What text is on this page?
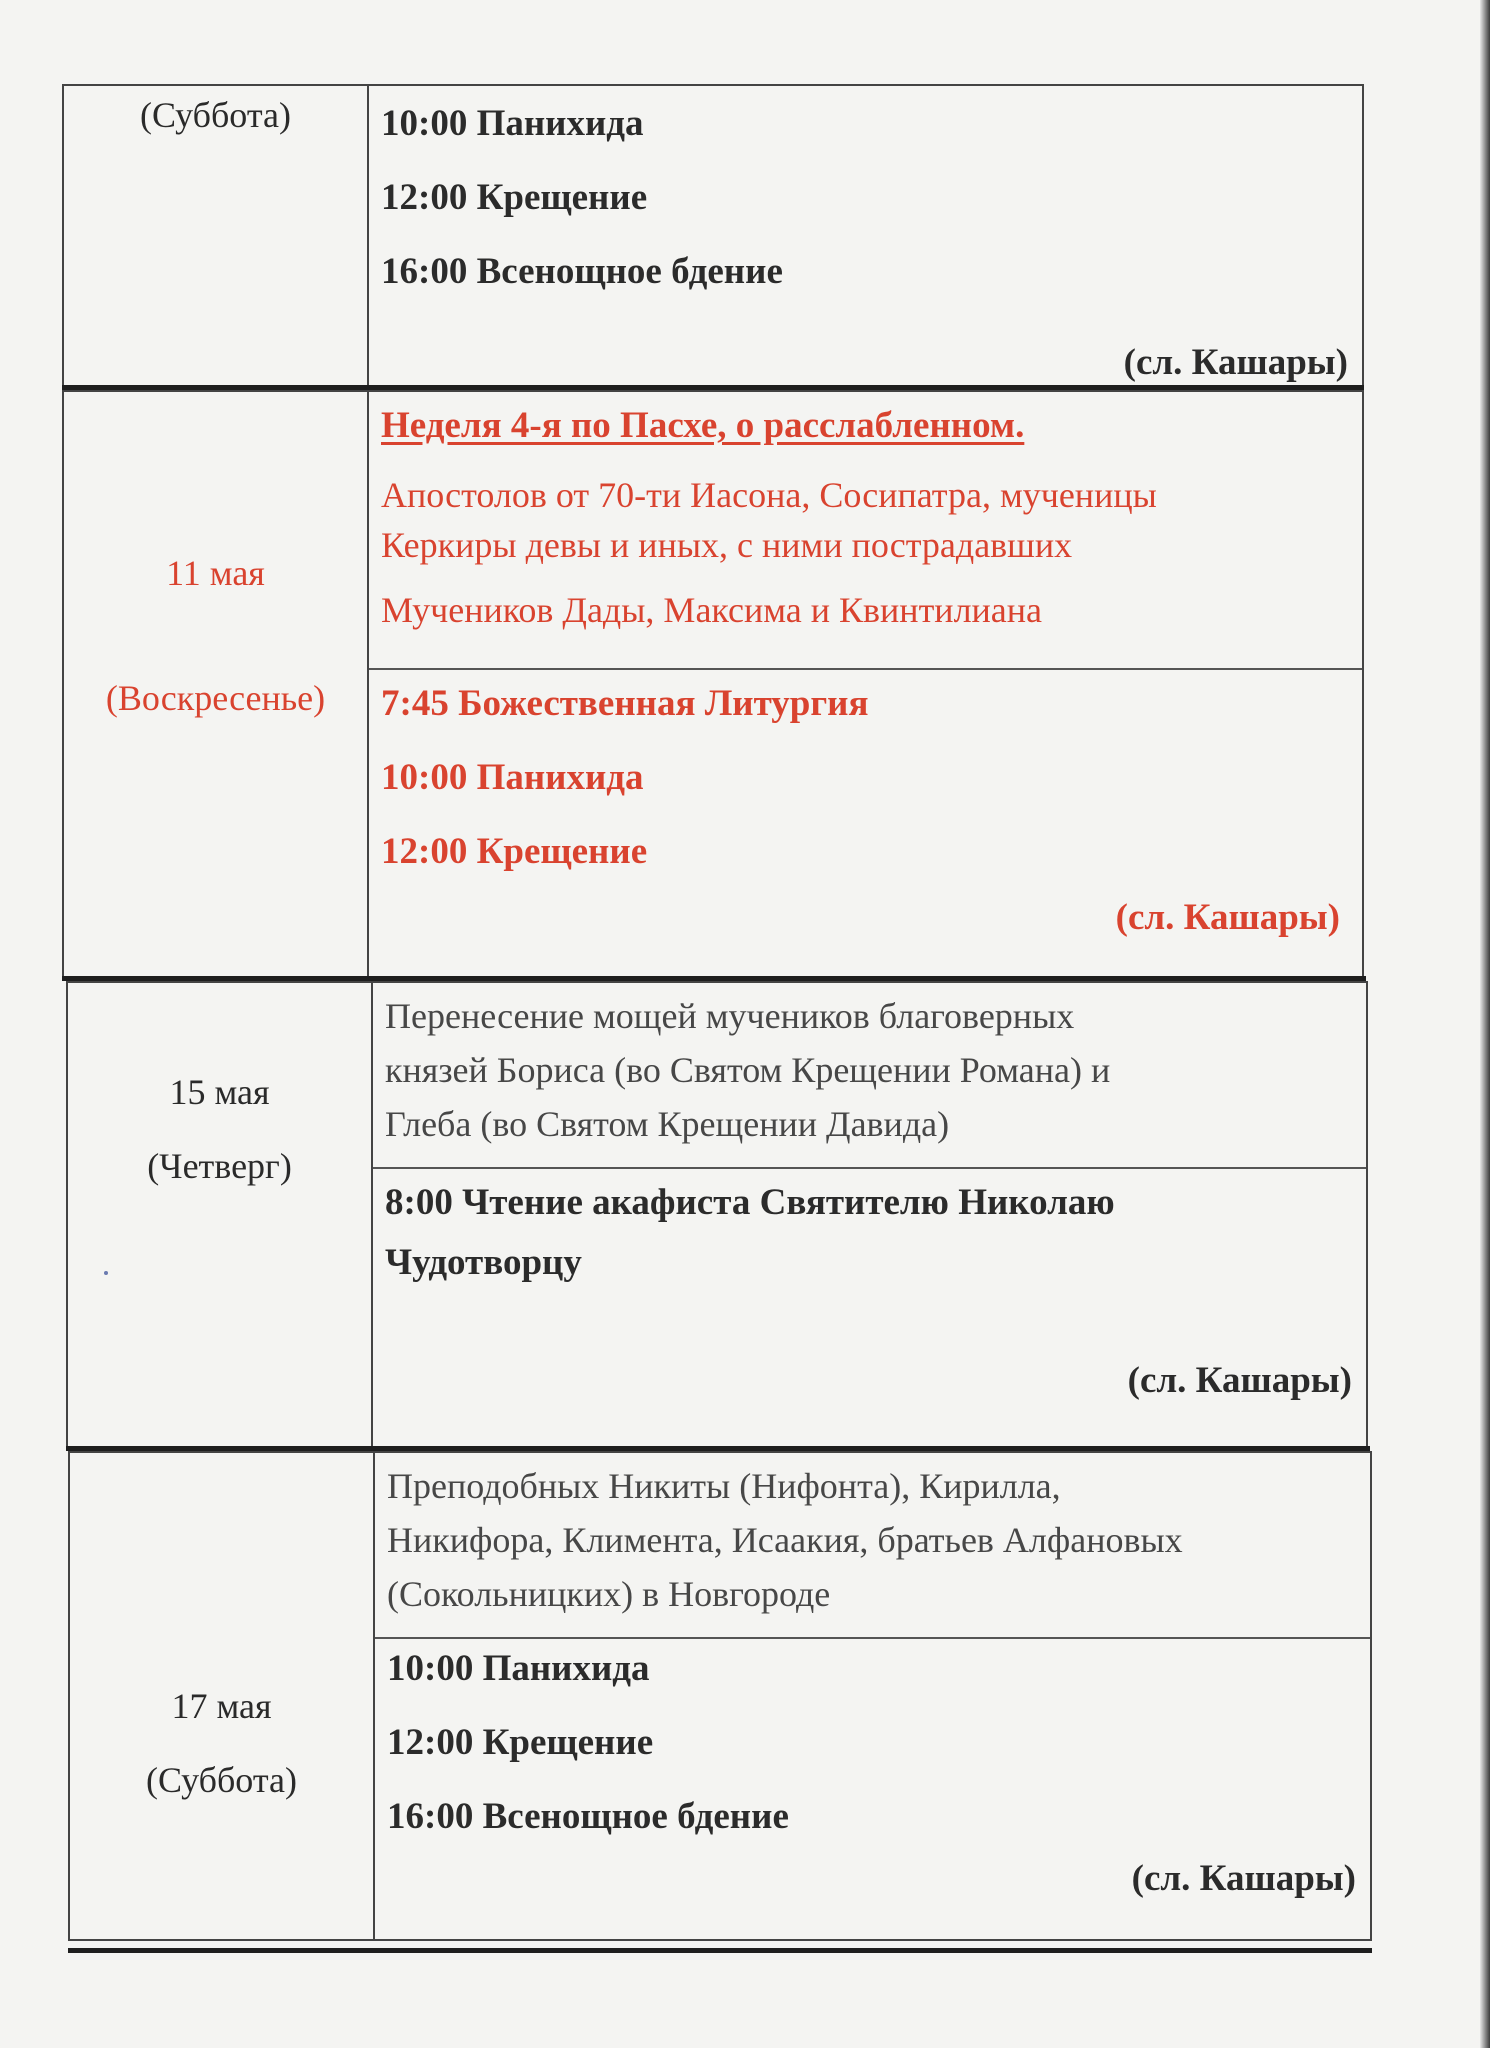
(Суббота)	10:00 Панихида
12:00 Крещение
16:00 Всенощное бдение
(сл. Кашары)
11 мая
(Воскресенье)
Неделя 4-я по Пасхе, о расслабленном.
Апостолов от 70-ти Иасона, Сосипатра, мученицы
Керкиры девы и иных, с ними пострадавших
Мучеников Дады, Максима и Квинтилиана
7:45 Божественная Литургия
10:00 Панихида
12:00 Крещение
(сл. Кашары)
15 мая
(Четверг)
Перенесение мощей мучеников благоверных
князей Бориса (во Святом Крещении Романа) и
Глеба (во Святом Крещении Давида)
8:00 Чтение акафиста Святителю Николаю
Чудотворцу
(сл. Кашары)
17 мая
(Суббота)
Преподобных Никиты (Нифонта), Кирилла,
Никифора, Климента, Исаакия, братьев Алфановых
(Сокольницких) в Новгороде
10:00 Панихида
12:00 Крещение
16:00 Всенощное бдение
(сл. Кашары)
